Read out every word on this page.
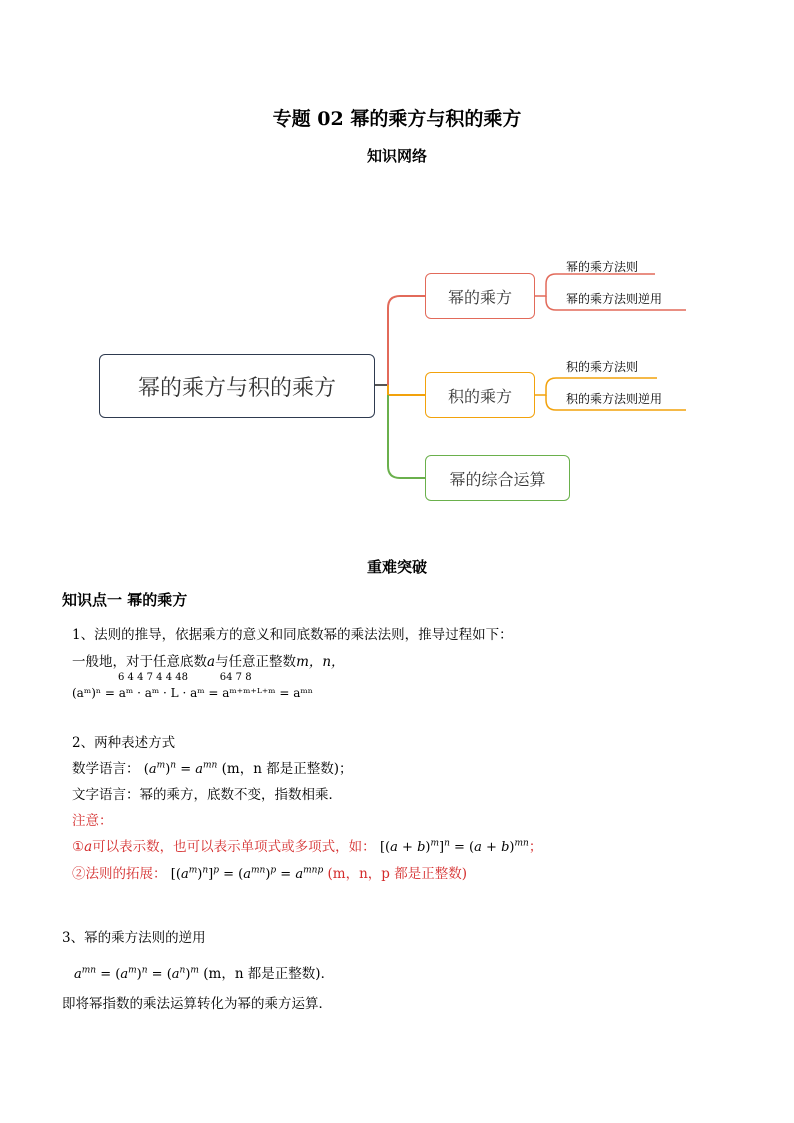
专题 02 幂的乘方与积的乘方
知识网络
幂的乘方与积的乘方
幂的乘方
幂的乘方法则
幂的乘方法则逆用
积的乘方
积的乘方法则
积的乘方法则逆用
幂的综合运算
重难突破
知识点一 幂的乘方
1、法则的推导，依据乘方的意义和同底数幂的乘法法则，推导过程如下：
一般地，对于任意底数a与任意正整数m，n，
6 4 4 7 4 4 48          64 7 8
(aᵐ)ⁿ = aᵐ · aᵐ · L · aᵐ = aᵐ⁺ᵐ⁺ᴸ⁺ᵐ = aᵐⁿ
2、两种表述方式
数学语言： $(a^m)^n = a^{mn}$ (m，n 都是正整数)；
文字语言：幂的乘方，底数不变，指数相乘．
注意：
①a可以表示数，也可以表示单项式或多项式，如： $[(a + b)^m]^n = (a + b)^{mn}$；
②法则的拓展： $[(a^m)^n]^p = (a^{mn})^p = a^{mnp}$ (m，n，p 都是正整数)
3、幂的乘方法则的逆用
$a^{mn} = (a^m)^n = (a^n)^m$ (m，n 都是正整数)．
即将幂指数的乘法运算转化为幂的乘方运算．
